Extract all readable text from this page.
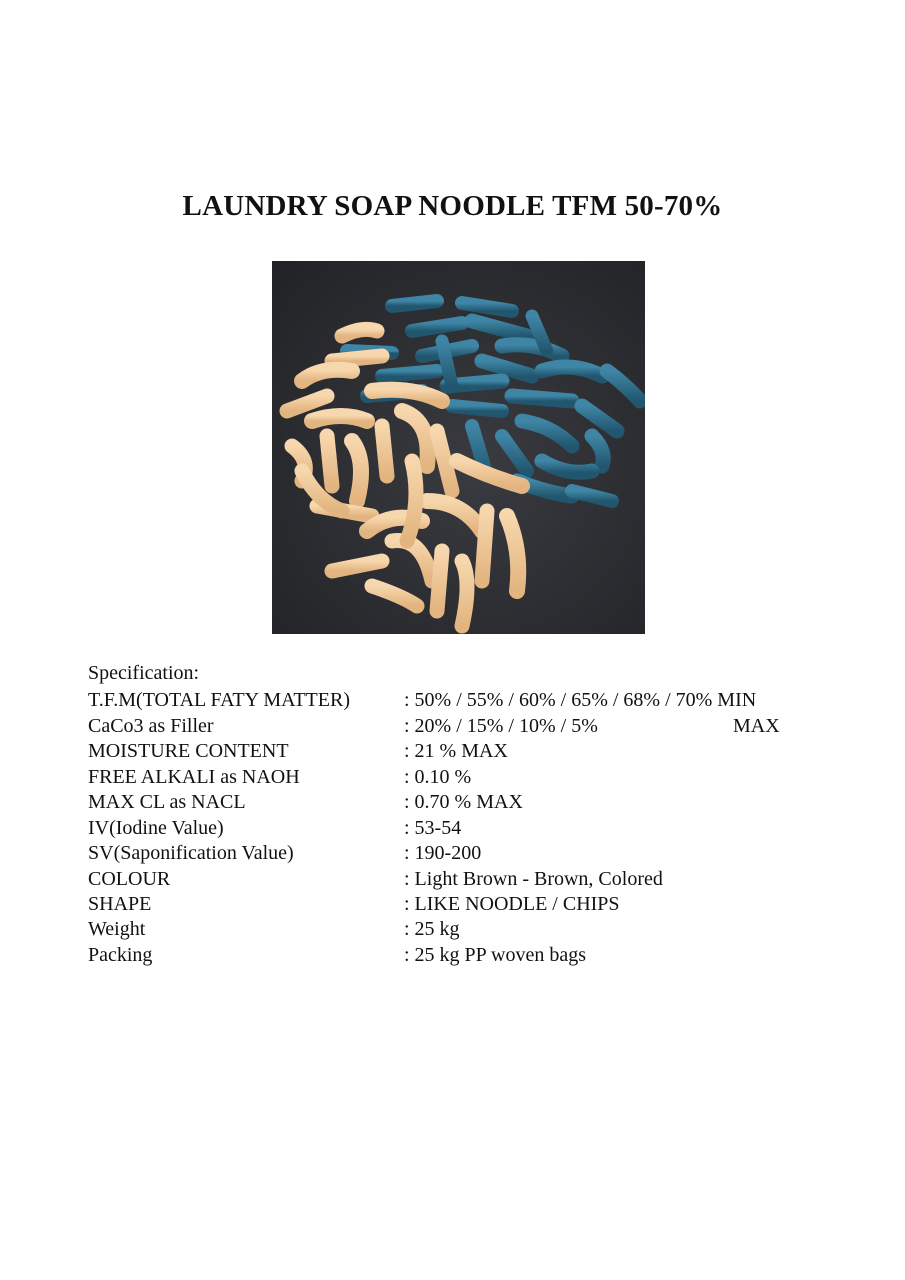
LAUNDRY SOAP NOODLE TFM 50-70%

Specification:

T.F.M(TOTAL FATY MATTER)	: 50% / 55% / 60% / 65% / 68% / 70% MIN
CaCo3 as Filler	: 20% / 15% / 10% / 5%	MAX
MOISTURE CONTENT	: 21 % MAX
FREE ALKALI as NAOH	: 0.10 %
MAX CL as NACL	: 0.70 % MAX
IV(Iodine Value)	: 53-54
SV(Saponification Value)	: 190-200
COLOUR	: Light Brown - Brown, Colored
SHAPE	: LIKE NOODLE / CHIPS
Weight	: 25 kg
Packing	: 25 kg PP woven bags
